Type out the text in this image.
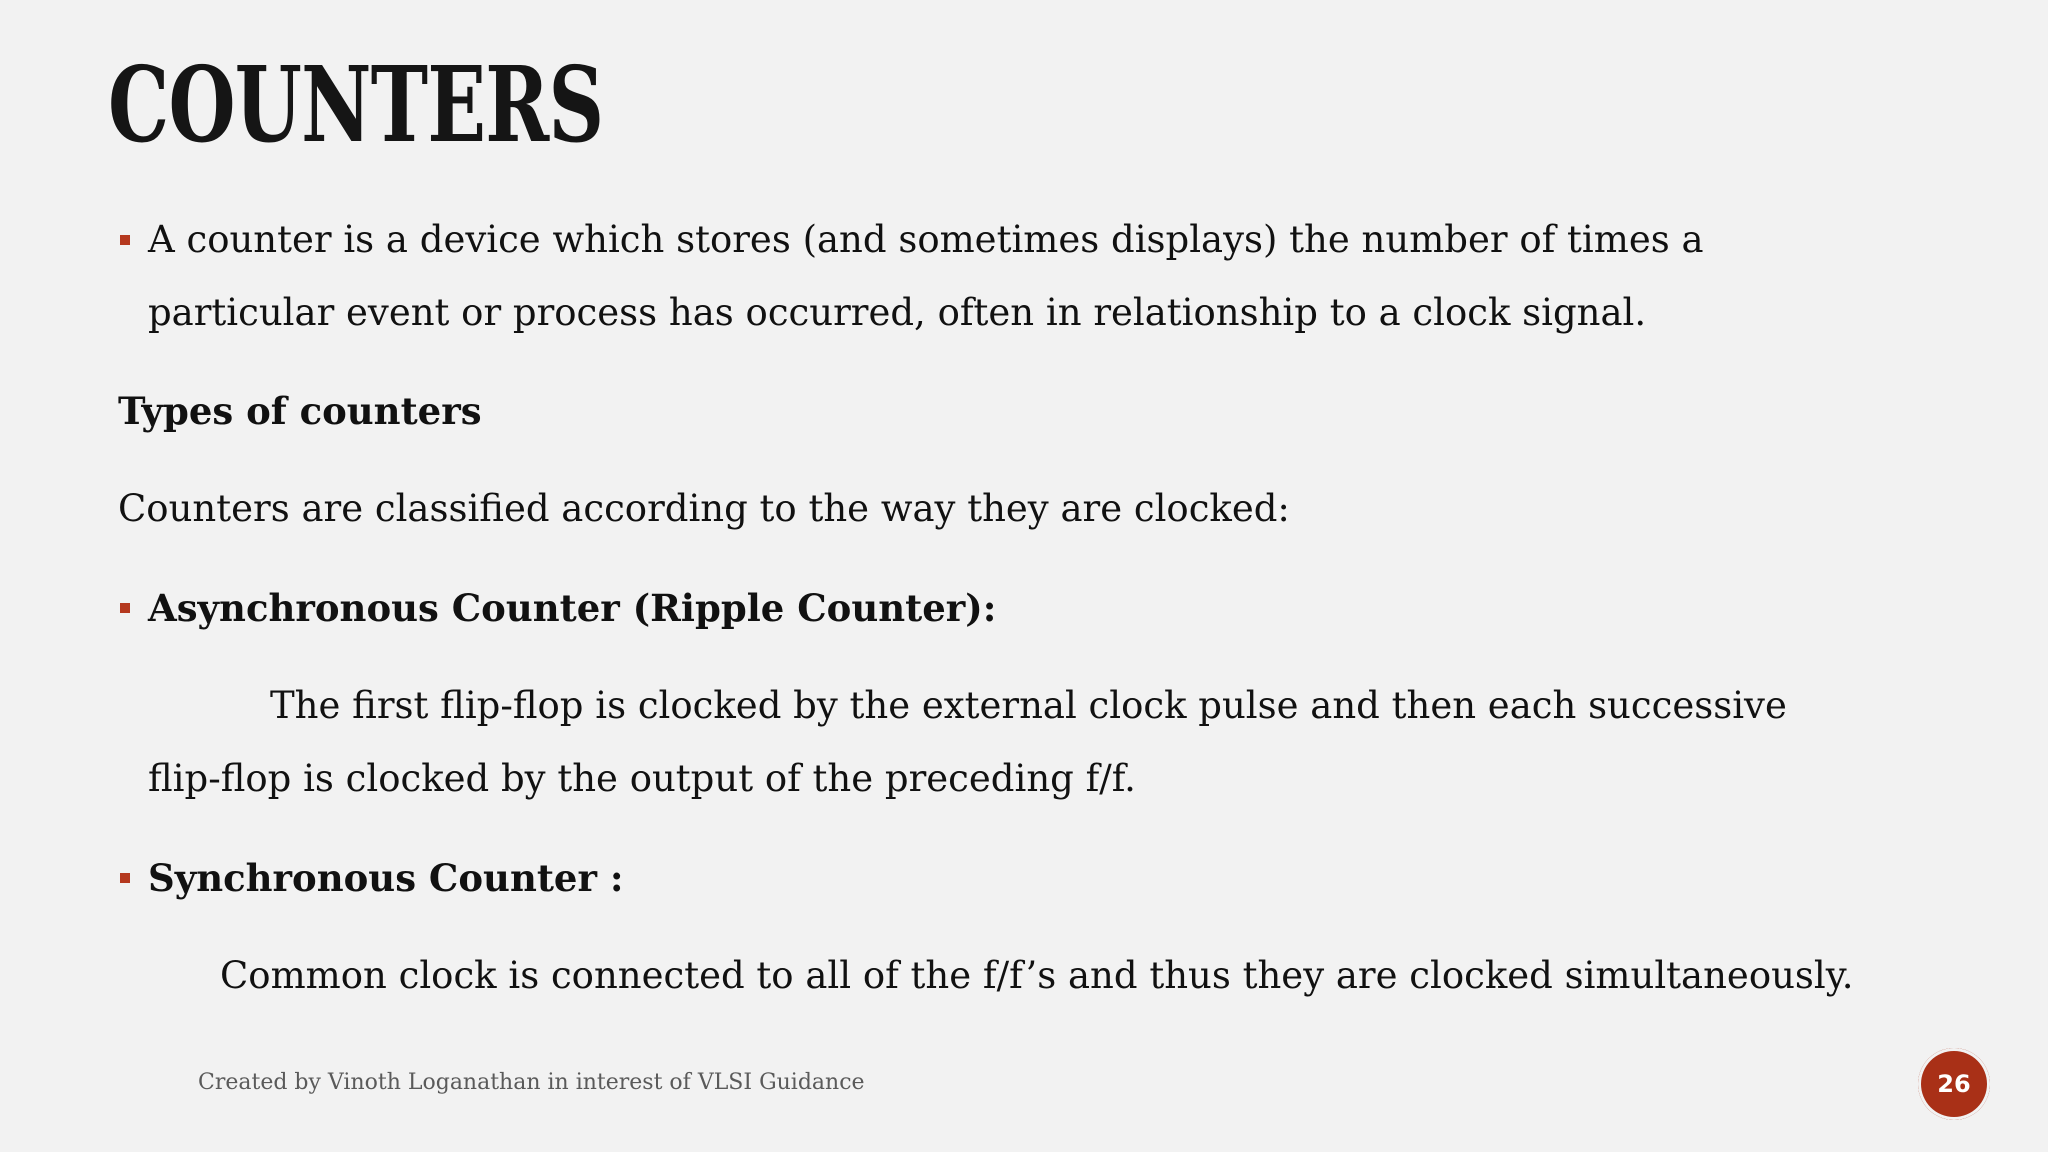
COUNTERS

A counter is a device which stores (and sometimes displays) the number of times a

particular event or process has occurred, often in relationship to a clock signal.

Types of counters

Counters are classified according to the way they are clocked:

Asynchronous Counter (Ripple Counter):

The first flip-flop is clocked by the external clock pulse and then each successive

flip-flop is clocked by the output of the preceding f/f.

Synchronous Counter :

Common clock is connected to all of the f/f’s and thus they are clocked simultaneously.

Created by Vinoth Loganathan in interest of VLSI Guidance	26
